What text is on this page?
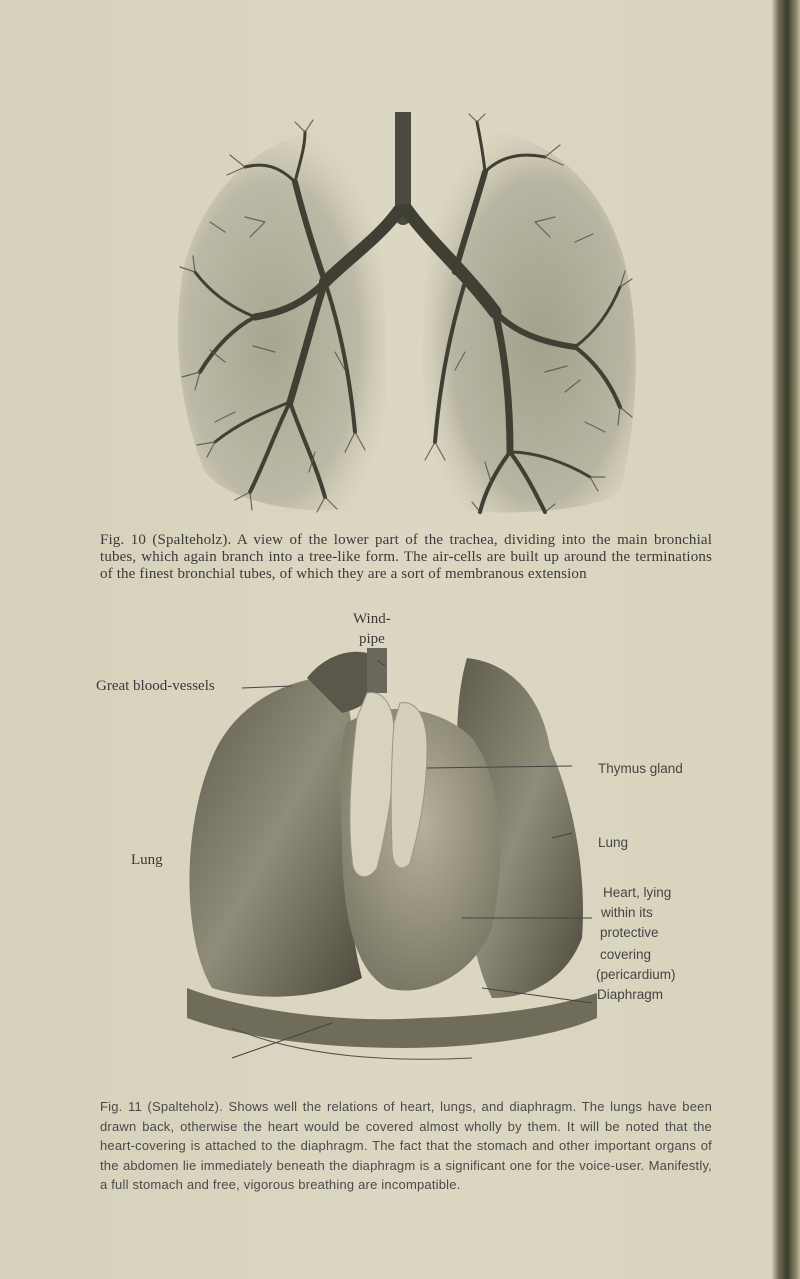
Fig. 10 (Spalteholz). A view of the lower part of the trachea, dividing into the main bronchial tubes, which again branch into a tree-like form. The air-cells are built up around the terminations of the finest bronchial tubes, of which they are a sort of membranous extension

Wind-
pipe
Great blood-vessels
Thymus gland
Lung
Lung
Heart, lying
within its
protective
covering
(pericardium)
Diaphragm

Fig. 11 (Spalteholz). Shows well the relations of heart, lungs, and diaphragm. The lungs have been drawn back, otherwise the heart would be covered almost wholly by them. It will be noted that the heart-covering is attached to the diaphragm. The fact that the stomach and other important organs of the abdomen lie immediately beneath the diaphragm is a significant one for the voice-user. Manifestly, a full stomach and free, vigorous breathing are incompatible.
